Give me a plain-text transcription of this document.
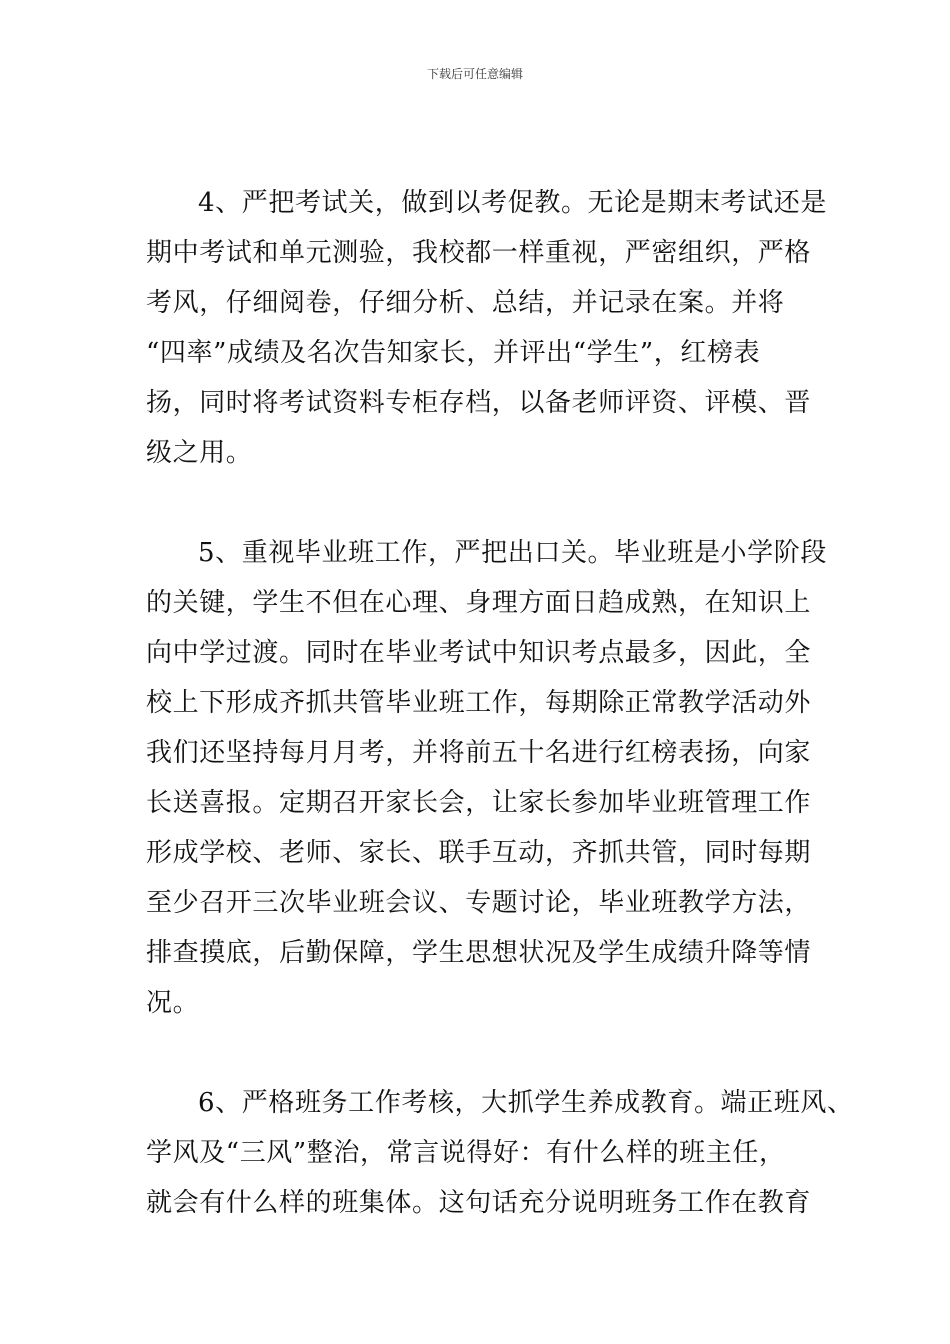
下载后可任意编辑
4、严把考试关，做到以考促教。无论是期末考试还是
期中考试和单元测验，我校都一样重视，严密组织，严格
考风，仔细阅卷，仔细分析、总结，并记录在案。并将
“四率”成绩及名次告知家长，并评出“学生”，红榜表
扬，同时将考试资料专柜存档，以备老师评资、评模、晋
级之用。
5、重视毕业班工作，严把出口关。毕业班是小学阶段
的关键，学生不但在心理、身理方面日趋成熟，在知识上
向中学过渡。同时在毕业考试中知识考点最多，因此，全
校上下形成齐抓共管毕业班工作，每期除正常教学活动外
我们还坚持每月月考，并将前五十名进行红榜表扬，向家
长送喜报。定期召开家长会，让家长参加毕业班管理工作
形成学校、老师、家长、联手互动，齐抓共管，同时每期
至少召开三次毕业班会议、专题讨论，毕业班教学方法，
排查摸底，后勤保障，学生思想状况及学生成绩升降等情
况。
6、严格班务工作考核，大抓学生养成教育。端正班风、
学风及“三风”整治，常言说得好：有什么样的班主任，
就会有什么样的班集体。这句话充分说明班务工作在教育
